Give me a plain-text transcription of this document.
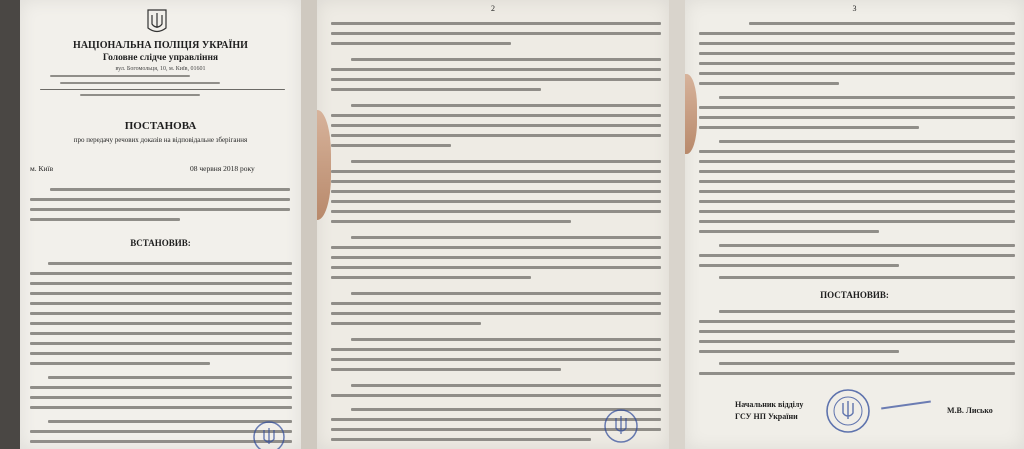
НАЦІОНАЛЬНА ПОЛІЦІЯ УКРАЇНИ
Головне слідче управління
вул. Богомольця, 10, м. Київ, 01601
ПОСТАНОВА
про передачу речових доказів на відповідальне зберігання
м. Київ	08 червня 2018 року
ВСТАНОВИВ:
2	3
ПОСТАНОВИВ:
Начальник відділу
ГСУ НП України
М.В. Лисько
